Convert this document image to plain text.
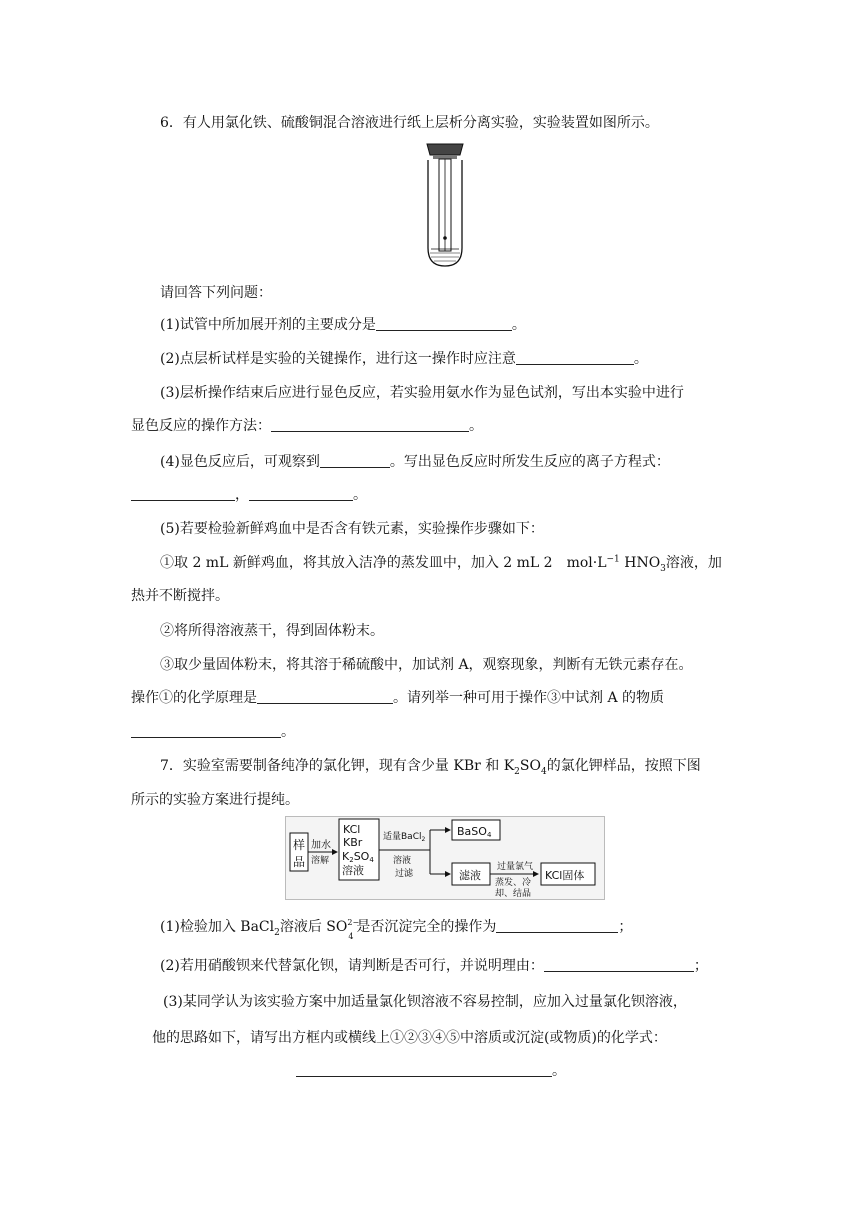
6．有人用氯化铁、硫酸铜混合溶液进行纸上层析分离实验，实验装置如图所示。
请回答下列问题：
(1)试管中所加展开剂的主要成分是	。
(2)点层析试样是实验的关键操作，进行这一操作时应注意	。
(3)层析操作结束后应进行显色反应，若实验用氨水作为显色试剂，写出本实验中进行
显色反应的操作方法：	。
(4)显色反应后，可观察到	。写出显色反应时所发生反应的离子方程式：
，	。
(5)若要检验新鲜鸡血中是否含有铁元素，实验操作步骤如下：
①取 2 mL 新鲜鸡血，将其放入洁净的蒸发皿中，加入 2 mL 2　$mol\cdot L^{-1}$ $HNO_3$溶液，加
热并不断搅拌。
②将所得溶液蒸干，得到固体粉末。
③取少量固体粉末，将其溶于稀硫酸中，加试剂 A，观察现象，判断有无铁元素存在。
操作①的化学原理是	。请列举一种可用于操作③中试剂 A 的物质
。
7．实验室需要制备纯净的氯化钾，现有含少量 KBr 和 $K_2SO_4$的氯化钾样品，按照下图
所示的实验方案进行提纯。
样
品
加水
溶解
KCl
KBr
K2SO4
溶液
适量BaCl$_2$
溶液
过滤
BaSO4
滤液
过量氯气
蒸发、冷
却、结晶
KCl固体
(1)检验加入 BaCl$_2$溶液后 SO 2−
4
是否沉淀完全的操作为	；
(2)若用硝酸钡来代替氯化钡，请判断是否可行，并说明理由：	；
(3)某同学认为该实验方案中加适量氯化钡溶液不容易控制，应加入过量氯化钡溶液，
他的思路如下，请写出方框内或横线上①②③④⑤中溶质或沉淀(或物质)的化学式：
。
